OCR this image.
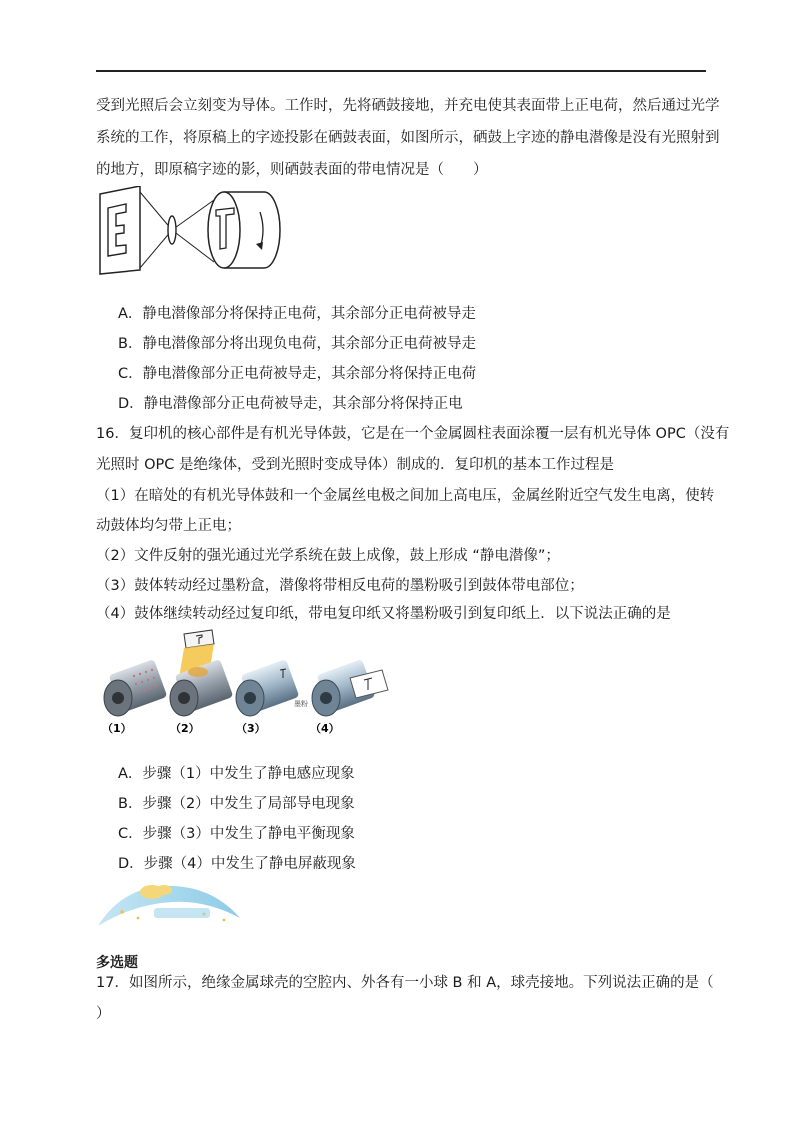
受到光照后会立刻变为导体。工作时，先将硒鼓接地，并充电使其表面带上正电荷，然后通过光学
系统的工作，将原稿上的字迹投影在硒鼓表面，如图所示，硒鼓上字迹的静电潜像是没有光照射到
的地方，即原稿字迹的影，则硒鼓表面的带电情况是（　　）
A．静电潜像部分将保持正电荷，其余部分正电荷被导走
B．静电潜像部分将出现负电荷，其余部分正电荷被导走
C．静电潜像部分正电荷被导走，其余部分将保持正电荷
D．静电潜像部分正电荷被导走，其余部分将保持正电
16．复印机的核心部件是有机光导体鼓，它是在一个金属圆柱表面涂覆一层有机光导体 OPC（没有
光照时 OPC 是绝缘体，受到光照时变成导体）制成的．复印机的基本工作过程是
（1）在暗处的有机光导体鼓和一个金属丝电极之间加上高电压，金属丝附近空气发生电离，使转
动鼓体均匀带上正电；
（2）文件反射的强光通过光学系统在鼓上成像，鼓上形成 “静电潜像”；
（3）鼓体转动经过墨粉盒，潜像将带相反电荷的墨粉吸引到鼓体带电部位；
（4）鼓体继续转动经过复印纸，带电复印纸又将墨粉吸引到复印纸上．以下说法正确的是
墨粉
（1）	（2）	（3）	（4）
A．步骤（1）中发生了静电感应现象
B．步骤（2）中发生了局部导电现象
C．步骤（3）中发生了静电平衡现象
D．步骤（4）中发生了静电屏蔽现象
多选题
17．如图所示，绝缘金属球壳的空腔内、外各有一小球 B 和 A，球壳接地。下列说法正确的是（
）
